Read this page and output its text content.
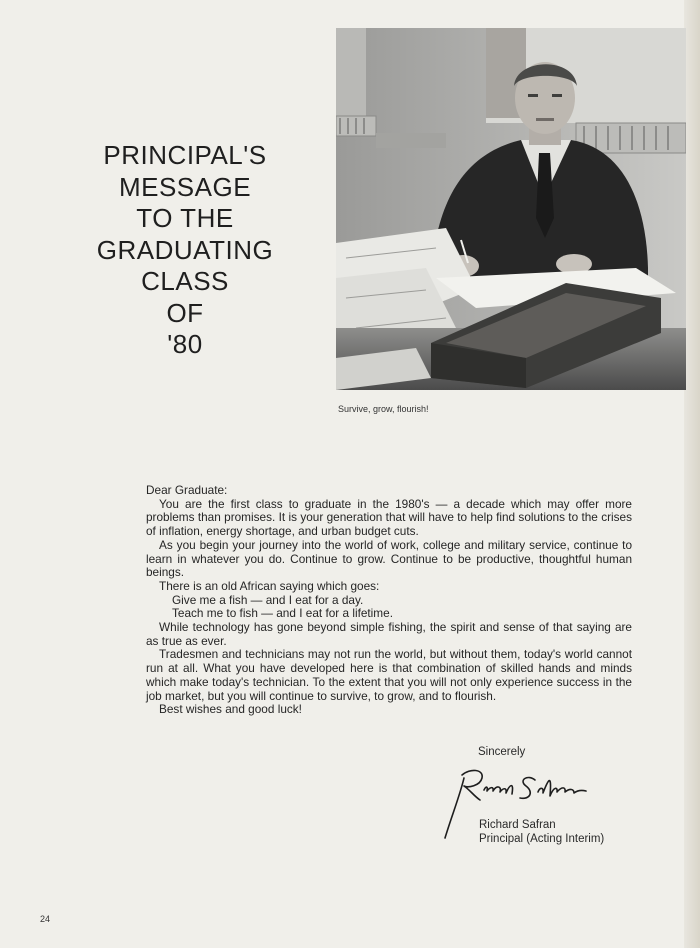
PRINCIPAL'S
MESSAGE
TO THE
GRADUATING
CLASS
OF
'80
Survive, grow, flourish!

Dear Graduate:

You are the first class to graduate in the 1980's — a decade which may offer more problems than promises. It is your generation that will have to help find solutions to the crises of inflation, energy shortage, and urban budget cuts.

As you begin your journey into the world of work, college and military service, continue to learn in whatever you do. Continue to grow. Continue to be productive, thoughtful human beings.

There is an old African saying which goes:

Give me a fish — and I eat for a day.

Teach me to fish — and I eat for a lifetime.

While technology has gone beyond simple fishing, the spirit and sense of that saying are as true as ever.

Tradesmen and technicians may not run the world, but without them, today's world cannot run at all. What you have developed here is that combination of skilled hands and minds which make today's technician. To the extent that you will not only experience success in the job market, but you will continue to survive, to grow, and to flourish.

Best wishes and good luck!

Sincerely
Richard Safran
Principal (Acting Interim)
24
